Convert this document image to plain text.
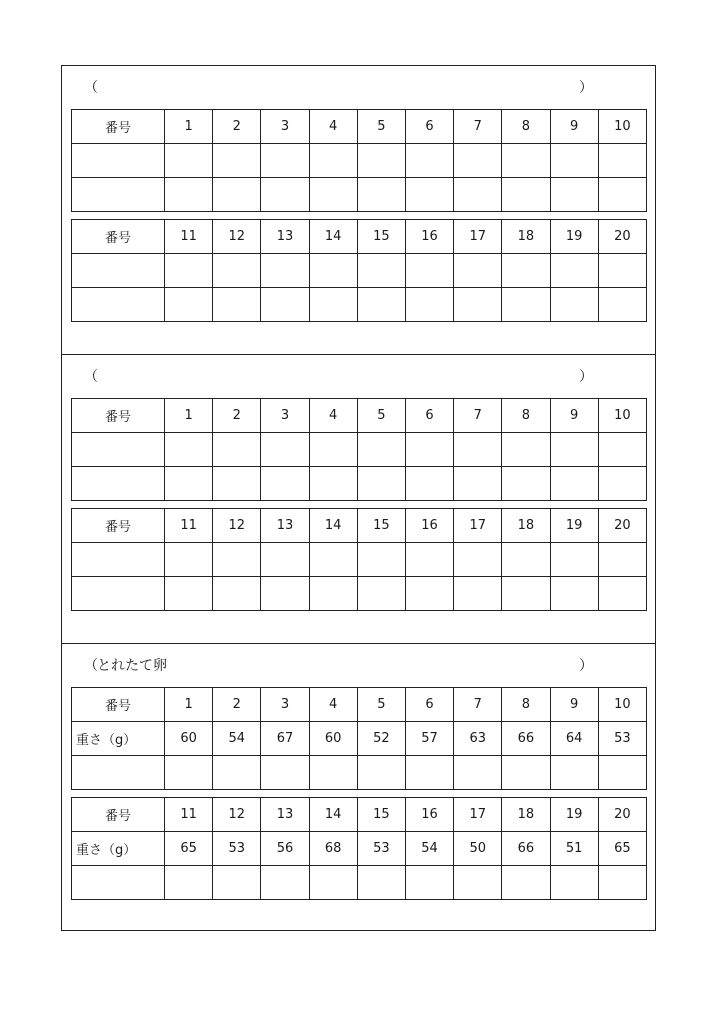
（	）
番号	1	2	3	4	5	6	7	8	9	10

番号	11	12	13	14	15	16	17	18	19	20

（	）
番号	1	2	3	4	5	6	7	8	9	10

番号	11	12	13	14	15	16	17	18	19	20

（ とれたて卵	）
番号	1	2	3	4	5	6	7	8	9	10
重さ（g）	60	54	67	60	52	57	63	66	64	53

番号	11	12	13	14	15	16	17	18	19	20
重さ（g）	65	53	56	68	53	54	50	66	51	65
